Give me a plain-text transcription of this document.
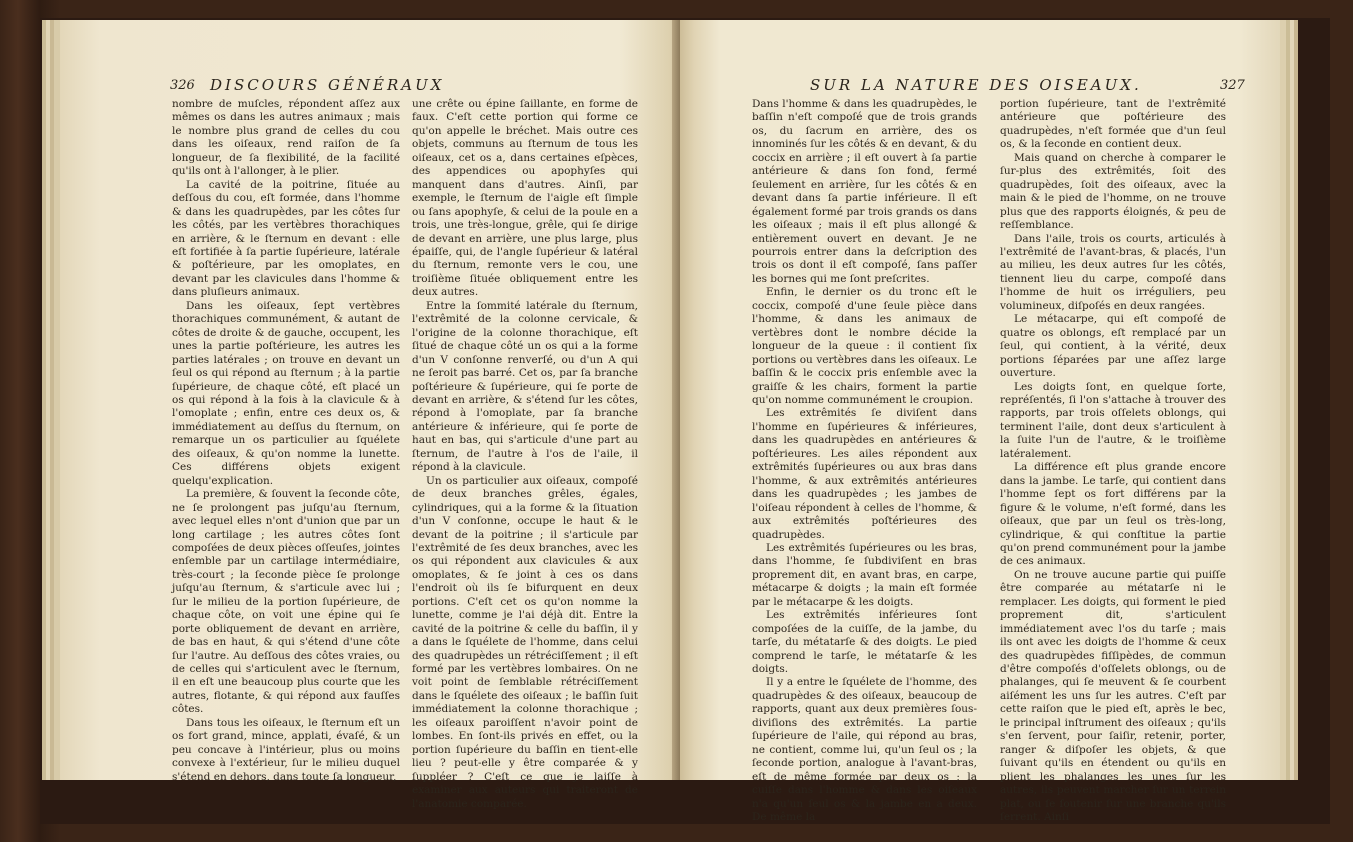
326 DISCOURS GÉNÉRAUX

nombre de muſcles, répondent aſſez aux mêmes os dans les autres animaux ; mais le nombre plus grand de celles du cou dans les oiſeaux, rend raiſon de ſa longueur, de ſa flexibilité, de la facilité qu'ils ont à l'allonger, à le plier.

La cavité de la poitrine, ſituée au deſſous du cou, eſt formée, dans l'homme & dans les quadrupèdes, par les côtes ſur les côtés, par les vertèbres thorachiques en arrière, & le ſternum en devant : elle eſt fortifiée à ſa partie ſupérieure, latérale & poſtérieure, par les omoplates, en devant par les clavicules dans l'homme & dans pluſieurs animaux.

Dans les oiſeaux, ſept vertèbres thorachiques communément, & autant de côtes de droite & de gauche, occupent, les unes la partie poſtérieure, les autres les parties latérales ; on trouve en devant un ſeul os qui répond au ſternum ; à la partie ſupérieure, de chaque côté, eſt placé un os qui répond à la fois à la clavicule & à l'omoplate ; enfin, entre ces deux os, & immédiatement au deſſus du ſternum, on remarque un os particulier au ſquélete des oiſeaux, & qu'on nomme la lunette. Ces différens objets exigent quelqu'explication.

La première, & ſouvent la ſeconde côte, ne ſe prolongent pas juſqu'au ſternum, avec lequel elles n'ont d'union que par un long cartilage ; les autres côtes ſont compoſées de deux pièces oſſeuſes, jointes enſemble par un cartilage intermédiaire, très-court ; la ſeconde pièce ſe prolonge juſqu'au ſternum, & s'articule avec lui ; ſur le milieu de la portion ſupérieure, de chaque côte, on voit une épine qui ſe porte obliquement de devant en arrière, de bas en haut, & qui s'étend d'une côte ſur l'autre. Au deſſous des côtes vraies, ou de celles qui s'articulent avec le ſternum, il en eſt une beaucoup plus courte que les autres, flotante, & qui répond aux fauſſes côtes.

Dans tous les oiſeaux, le ſternum eſt un os fort grand, mince, applati, évaſé, & un peu concave à l'intérieur, plus ou moins convexe à l'extérieur, ſur le milieu duquel s'étend en dehors, dans toute ſa longueur,

une crête ou épine ſaillante, en forme de faux. C'eſt cette portion qui forme ce qu'on appelle le bréchet. Mais outre ces objets, communs au ſternum de tous les oiſeaux, cet os a, dans certaines eſpèces, des appendices ou apophyſes qui manquent dans d'autres. Ainſi, par exemple, le ſternum de l'aigle eſt ſimple ou ſans apophyſe, & celui de la poule en a trois, une très-longue, grêle, qui ſe dirige de devant en arrière, une plus large, plus épaiſſe, qui, de l'angle ſupérieur & latéral du ſternum, remonte vers le cou, une troiſième ſituée obliquement entre les deux autres.

Entre la ſommité latérale du ſternum, l'extrêmité de la colonne cervicale, & l'origine de la colonne thorachique, eſt ſitué de chaque côté un os qui a la forme d'un V conſonne renverſé, ou d'un A qui ne ſeroit pas barré. Cet os, par ſa branche poſtérieure & ſupérieure, qui ſe porte de devant en arrière, & s'étend ſur les côtes, répond à l'omoplate, par ſa branche antérieure & inférieure, qui ſe porte de haut en bas, qui s'articule d'une part au ſternum, de l'autre à l'os de l'aile, il répond à la clavicule.

Un os particulier aux oiſeaux, compoſé de deux branches grêles, égales, cylindriques, qui a la forme & la ſituation d'un V conſonne, occupe le haut & le devant de la poitrine ; il s'articule par l'extrêmité de ſes deux branches, avec les os qui répondent aux clavicules & aux omoplates, & ſe joint à ces os dans l'endroit où ils ſe bifurquent en deux portions. C'eſt cet os qu'on nomme la lunette, comme je l'ai déjà dit. Entre la cavité de la poitrine & celle du baſſin, il y a dans le ſquélete de l'homme, dans celui des quadrupèdes un rétréciſſement ; il eſt formé par les vertèbres lombaires. On ne voit point de ſemblable rétréciſſement dans le ſquélete des oiſeaux ; le baſſin ſuit immédiatement la colonne thorachique ; les oiſeaux paroiſſent n'avoir point de lombes. En ſont-ils privés en effet, ou la portion ſupérieure du baſſin en tient-elle lieu ? peut-elle y être comparée & y ſuppléer ? C'eſt ce que je laiſſe à examiner aux auteurs qui traiteront de l'anatomie comparée.

SUR LA NATURE DES OISEAUX.	327

Dans l'homme & dans les quadrupèdes, le baſſin n'eſt compoſé que de trois grands os, du ſacrum en arrière, des os innominés ſur les côtés & en devant, & du coccix en arrière ; il eſt ouvert à ſa partie antérieure & dans ſon fond, fermé ſeulement en arrière, ſur les côtés & en devant dans ſa partie inférieure. Il eſt également formé par trois grands os dans les oiſeaux ; mais il eſt plus allongé & entièrement ouvert en devant. Je ne pourrois entrer dans la deſcription des trois os dont il eſt compoſé, ſans paſſer les bornes qui me ſont preſcrites.

Enfin, le dernier os du tronc eſt le coccix, compoſé d'une ſeule pièce dans l'homme, & dans les animaux de vertèbres dont le nombre décide la longueur de la queue : il contient ſix portions ou vertèbres dans les oiſeaux. Le baſſin & le coccix pris enſemble avec la graiſſe & les chairs, forment la partie qu'on nomme communément le croupion.

Les extrêmités ſe diviſent dans l'homme en ſupérieures & inférieures, dans les quadrupèdes en antérieures & poſtérieures. Les ailes répondent aux extrêmités ſupérieures ou aux bras dans l'homme, & aux extrêmités antérieures dans les quadrupèdes ; les jambes de l'oiſeau répondent à celles de l'homme, & aux extrêmités poſtérieures des quadrupèdes.

Les extrêmités ſupérieures ou les bras, dans l'homme, ſe ſubdiviſent en bras proprement dit, en avant bras, en carpe, métacarpe & doigts ; la main eſt formée par le métacarpe & les doigts.

Les extrêmités inférieures ſont compoſées de la cuiſſe, de la jambe, du tarſe, du métatarſe & des doigts. Le pied comprend le tarſe, le métatarſe & les doigts.

Il y a entre le ſquélete de l'homme, des quadrupèdes & des oiſeaux, beaucoup de rapports, quant aux deux premières ſous-diviſions des extrêmités. La partie ſupérieure de l'aile, qui répond au bras, ne contient, comme lui, qu'un ſeul os ; la ſeconde portion, analogue à l'avant-bras, eſt de même formée par deux os ; la cuiſſe dans l'homme & dans les oiſeaux n'a qu'un ſeul os & la jambe en a deux. De même la

portion ſupérieure, tant de l'extrêmité antérieure que poſtérieure des quadrupèdes, n'eſt formée que d'un ſeul os, & la ſeconde en contient deux.

Mais quand on cherche à comparer le ſur-plus des extrêmités, ſoit des quadrupèdes, ſoit des oiſeaux, avec la main & le pied de l'homme, on ne trouve plus que des rapports éloignés, & peu de reſſemblance.

Dans l'aile, trois os courts, articulés à l'extrêmité de l'avant-bras, & placés, l'un au milieu, les deux autres ſur les côtés, tiennent lieu du carpe, compoſé dans l'homme de huit os irréguliers, peu volumineux, diſpoſés en deux rangées.

Le métacarpe, qui eſt compoſé de quatre os oblongs, eſt remplacé par un ſeul, qui contient, à la vérité, deux portions ſéparées par une aſſez large ouverture.

Les doigts ſont, en quelque ſorte, repréſentés, ſi l'on s'attache à trouver des rapports, par trois oſſelets oblongs, qui terminent l'aile, dont deux s'articulent à la ſuite l'un de l'autre, & le troiſième latéralement.

La différence eſt plus grande encore dans la jambe. Le tarſe, qui contient dans l'homme ſept os fort différens par la figure & le volume, n'eſt formé, dans les oiſeaux, que par un ſeul os très-long, cylindrique, & qui conſtitue la partie qu'on prend communément pour la jambe de ces animaux.

On ne trouve aucune partie qui puiſſe être comparée au métatarſe ni le remplacer. Les doigts, qui forment le pied proprement dit, s'articulent immédiatement avec l'os du tarſe ; mais ils ont avec les doigts de l'homme & ceux des quadrupèdes fiſſipèdes, de commun d'être compoſés d'oſſelets oblongs, ou de phalanges, qui ſe meuvent & ſe courbent aiſément les uns ſur les autres. C'eſt par cette raiſon que le pied eſt, après le bec, le principal inſtrument des oiſeaux ; qu'ils s'en ſervent, pour ſaiſir, retenir, porter, ranger & diſpoſer les objets, & que ſuivant qu'ils en étendent ou qu'ils en plient les phalanges les unes ſur les autres, ils peuvent marcher ſur un terrein plat, ou ſe ſoutenir ſur une branche qu'ils ſerrent. Ainſi
